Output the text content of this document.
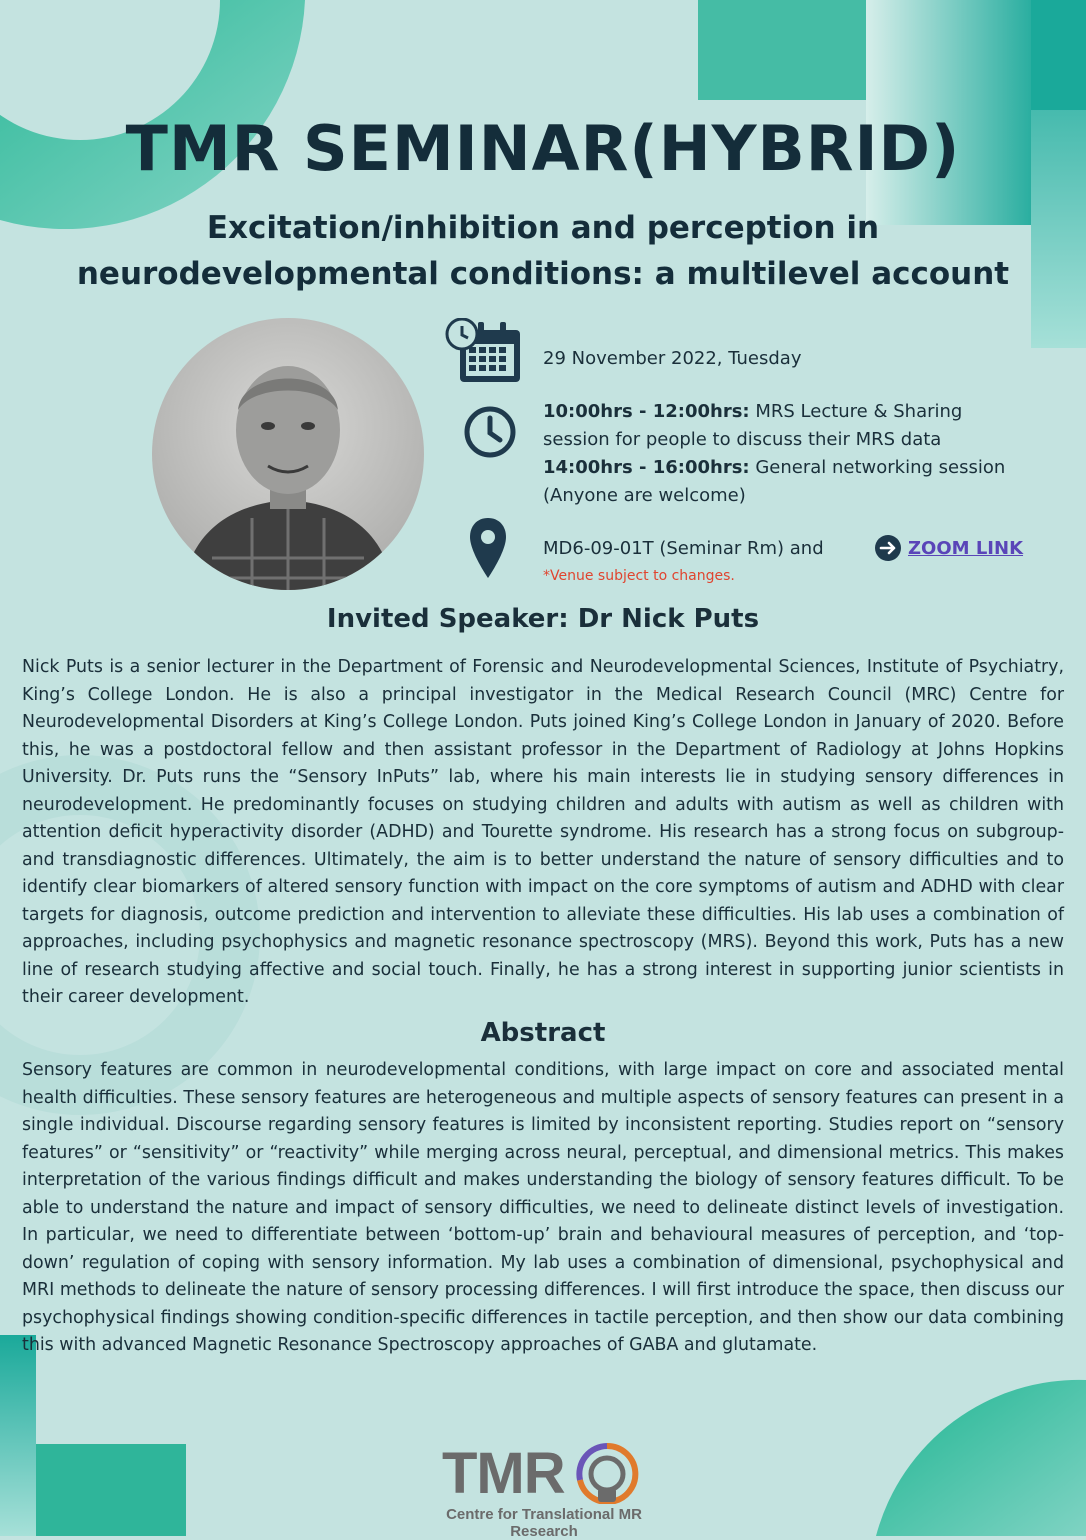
TMR SEMINAR(HYBRID)
Excitation/inhibition and perception in
neurodevelopmental conditions: a multilevel account
29 November 2022, Tuesday
10:00hrs - 12:00hrs: MRS Lecture & Sharing
session for people to discuss their MRS data
14:00hrs - 16:00hrs: General networking session
(Anyone are welcome)
MD6-09-01T (Seminar Rm) and
*Venue subject to changes.
ZOOM LINK
Invited Speaker: Dr Nick Puts

Nick Puts is a senior lecturer in the Department of Forensic and Neurodevelopmental Sciences, Institute of Psychiatry, King’s College London. He is also a principal investigator in the Medical Research Council (MRC) Centre for Neurodevelopmental Disorders at King’s College London. Puts joined King’s College London in January of 2020. Before this, he was a postdoctoral fellow and then assistant professor in the Department of Radiology at Johns Hopkins University. Dr. Puts runs the “Sensory InPuts” lab, where his main interests lie in studying sensory differences in neurodevelopment. He predominantly focuses on studying children and adults with autism as well as children with attention deficit hyperactivity disorder (ADHD) and Tourette syndrome. His research has a strong focus on subgroup- and transdiagnostic differences. Ultimately, the aim is to better understand the nature of sensory difficulties and to identify clear biomarkers of altered sensory function with impact on the core symptoms of autism and ADHD with clear targets for diagnosis, outcome prediction and intervention to alleviate these difficulties. His lab uses a combination of approaches, including psychophysics and magnetic resonance spectroscopy (MRS). Beyond this work, Puts has a new line of research studying affective and social touch. Finally, he has a strong interest in supporting junior scientists in their career development.

Abstract

Sensory features are common in neurodevelopmental conditions, with large impact on core and associated mental health difficulties. These sensory features are heterogeneous and multiple aspects of sensory features can present in a single individual. Discourse regarding sensory features is limited by inconsistent reporting. Studies report on “sensory features” or “sensitivity” or “reactivity” while merging across neural, perceptual, and dimensional metrics. This makes interpretation of the various findings difficult and makes understanding the biology of sensory features difficult. To be able to understand the nature and impact of sensory difficulties, we need to delineate distinct levels of investigation. In particular, we need to differentiate between ‘bottom-up’ brain and behavioural measures of perception, and ‘top-down’ regulation of coping with sensory information. My lab uses a combination of dimensional, psychophysical and MRI methods to delineate the nature of sensory processing differences. I will first introduce the space, then discuss our psychophysical findings showing condition-specific differences in tactile perception, and then show our data combining this with advanced Magnetic Resonance Spectroscopy approaches of GABA and glutamate.

TMR
Centre for Translational MR Research
